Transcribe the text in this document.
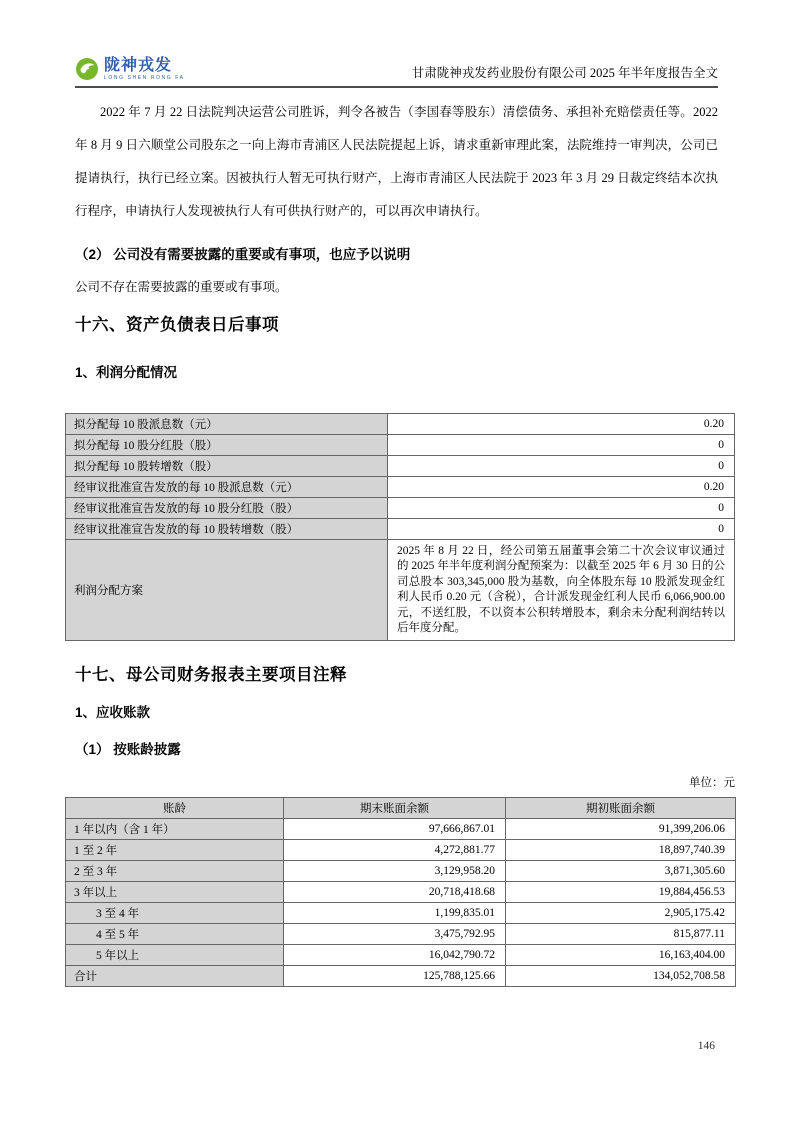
陇神戎发
LONG SHEN RONG FA	甘肃陇神戎发药业股份有限公司 2025 年半年度报告全文
2022 年 7 月 22 日法院判决运营公司胜诉，判令各被告（李国春等股东）清偿债务、承担补充赔偿责任等。2022 年 8 月 9 日六顺堂公司股东之一向上海市青浦区人民法院提起上诉，请求重新审理此案，法院维持一审判决，公司已提请执行，执行已经立案。因被执行人暂无可执行财产，上海市青浦区人民法院于 2023 年 3 月 29 日裁定终结本次执行程序，申请执行人发现被执行人有可供执行财产的，可以再次申请执行。
（2） 公司没有需要披露的重要或有事项，也应予以说明
公司不存在需要披露的重要或有事项。
十六、资产负债表日后事项
1、利润分配情况
拟分配每 10 股派息数（元）	0.20
拟分配每 10 股分红股（股）	0
拟分配每 10 股转增数（股）	0
经审议批准宣告发放的每 10 股派息数（元）	0.20
经审议批准宣告发放的每 10 股分红股（股）	0
经审议批准宣告发放的每 10 股转增数（股）	0
利润分配方案	2025 年 8 月 22 日，经公司第五届董事会第二十次会议审议通过的 2025 年半年度利润分配预案为：以截至 2025 年 6 月 30 日的公司总股本 303,345,000 股为基数，向全体股东每 10 股派发现金红利人民币 0.20 元（含税），合计派发现金红利人民币 6,066,900.00 元，不送红股，不以资本公积转增股本，剩余未分配利润结转以后年度分配。
十七、母公司财务报表主要项目注释
1、应收账款
（1） 按账龄披露
单位：元
账龄	期末账面余额	期初账面余额
1 年以内（含 1 年）	97,666,867.01	91,399,206.06
1 至 2 年	4,272,881.77	18,897,740.39
2 至 3 年	3,129,958.20	3,871,305.60
3 年以上	20,718,418.68	19,884,456.53
3 至 4 年	1,199,835.01	2,905,175.42
4 至 5 年	3,475,792.95	815,877.11
5 年以上	16,042,790.72	16,163,404.00
合计	125,788,125.66	134,052,708.58
146
